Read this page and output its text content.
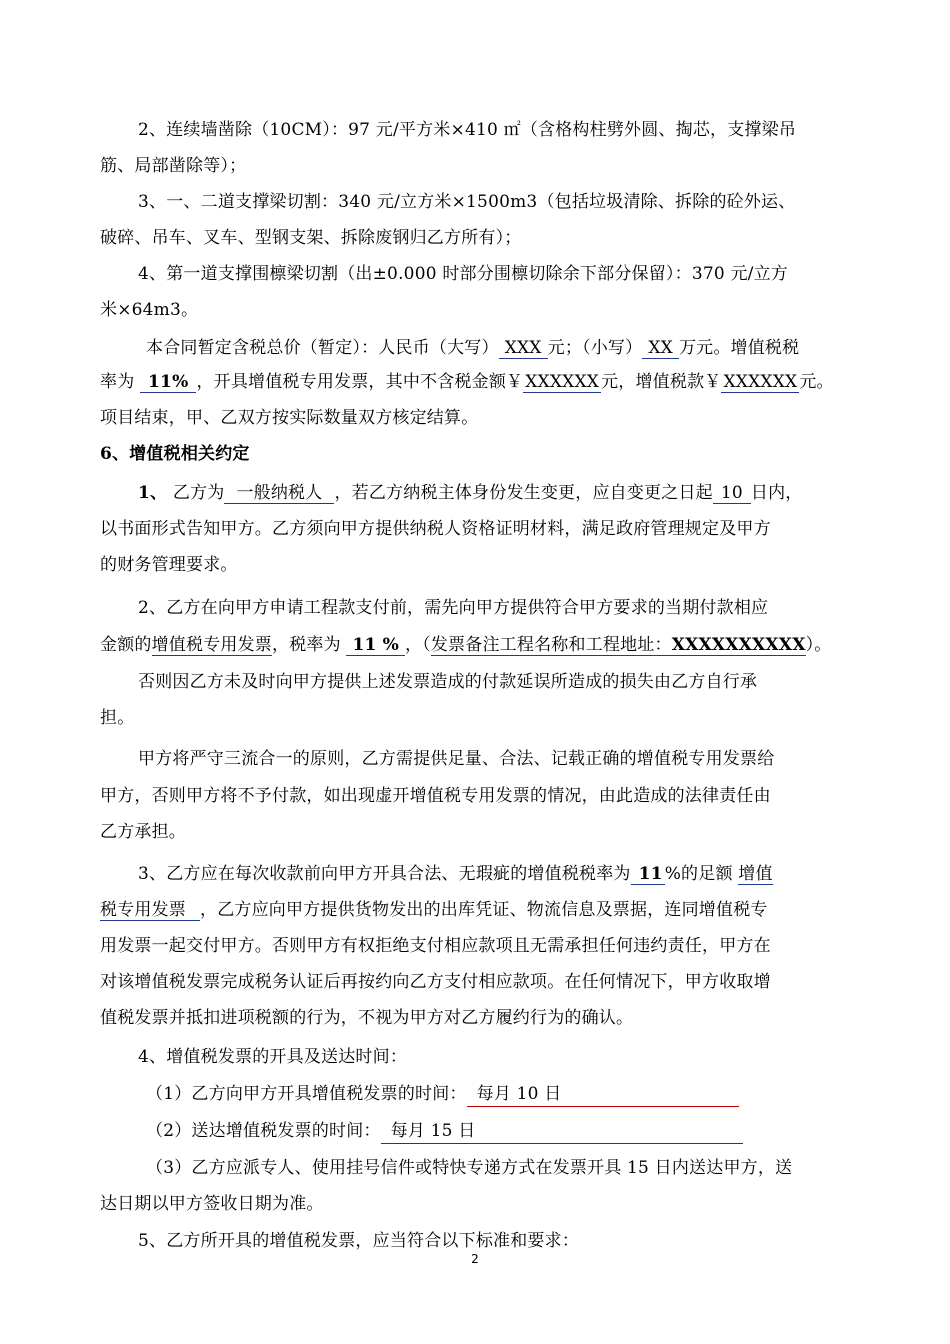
2、连续墙凿除（10CM）：97 元/平方米×410 ㎡（含格构柱劈外圆、掏芯，支撑梁吊
筋、局部凿除等）；
3、一、二道支撑梁切割：340 元/立方米×1500m3（包括垃圾清除、拆除的砼外运、
破碎、吊车、叉车、型钢支架、拆除废钢归乙方所有）；
4、第一道支撑围檩梁切割（出±0.000 时部分围檩切除余下部分保留）：370 元/立方
米×64m3。
本合同暂定含税总价（暂定）：人民币（大写） XXX 元；（小写） XX 万元。增值税税
率为 11% ，开具增值税专用发票，其中不含税金额￥ XXXXXX 元，增值税款￥ XXXXXX 元。
项目结束，甲、乙双方按实际数量双方核定结算。
6、增值税相关约定
1、 乙方为 一般纳税人 ，若乙方纳税主体身份发生变更，应自变更之日起 10 日内，
以书面形式告知甲方。乙方须向甲方提供纳税人资格证明材料，满足政府管理规定及甲方
的财务管理要求。
2、乙方在向甲方申请工程款支付前，需先向甲方提供符合甲方要求的当期付款相应
金额的增值税专用发票，税率为 11 % ，（发票备注工程名称和工程地址：XXXXXXXXXX）。
否则因乙方未及时向甲方提供上述发票造成的付款延误所造成的损失由乙方自行承
担。
甲方将严守三流合一的原则，乙方需提供足量、合法、记载正确的增值税专用发票给
甲方，否则甲方将不予付款，如出现虚开增值税专用发票的情况，由此造成的法律责任由
乙方承担。
3、乙方应在每次收款前向甲方开具合法、无瑕疵的增值税税率为 11 %的足额 增值
税专用发票 ，乙方应向甲方提供货物发出的出库凭证、物流信息及票据，连同增值税专
用发票一起交付甲方。否则甲方有权拒绝支付相应款项且无需承担任何违约责任，甲方在
对该增值税发票完成税务认证后再按约向乙方支付相应款项。在任何情况下，甲方收取增
值税发票并抵扣进项税额的行为，不视为甲方对乙方履约行为的确认。
4、增值税发票的开具及送达时间：
（1）乙方向甲方开具增值税发票的时间： 每月 10 日
（2）送达增值税发票的时间： 每月 15 日
（3）乙方应派专人、使用挂号信件或特快专递方式在发票开具 15 日内送达甲方，送
达日期以甲方签收日期为准。
5、乙方所开具的增值税发票，应当符合以下标准和要求：
2
